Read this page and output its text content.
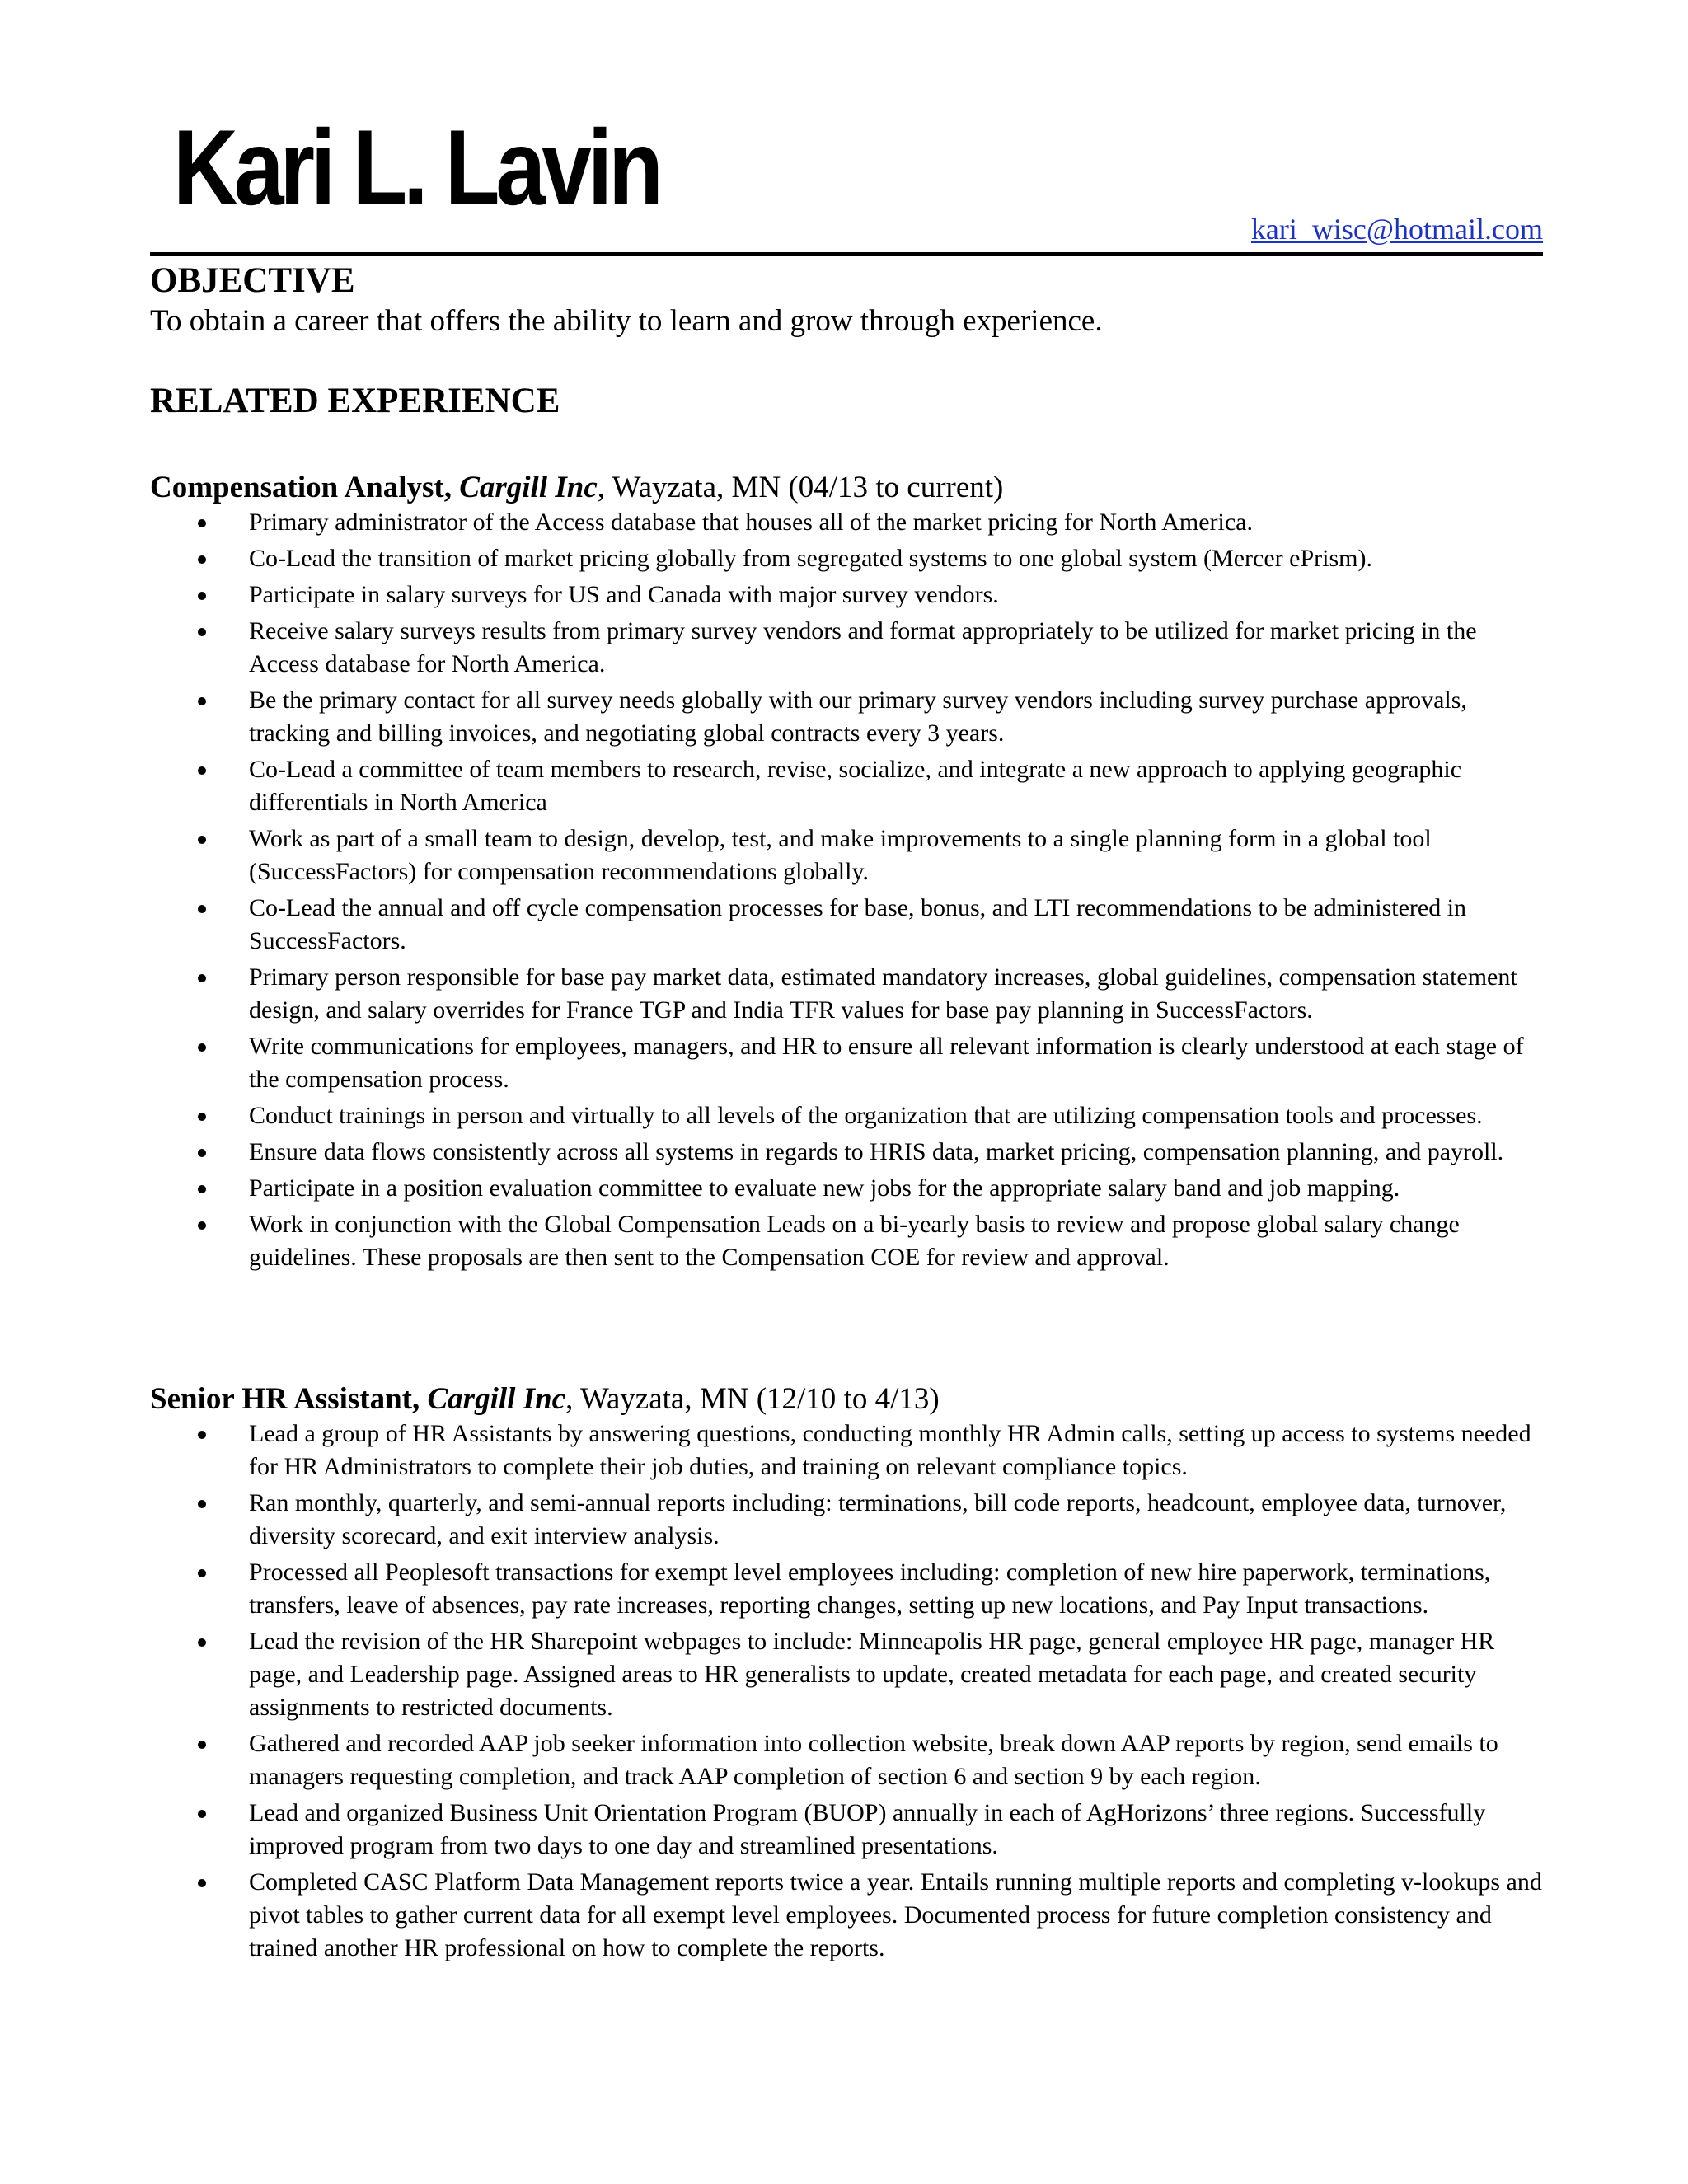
Kari L. Lavin
kari_wisc@hotmail.com
OBJECTIVE
To obtain a career that offers the ability to learn and grow through experience.
RELATED EXPERIENCE

Compensation Analyst, Cargill Inc, Wayzata, MN (04/13 to current)

Primary administrator of the Access database that houses all of the market pricing for North America.
Co-Lead the transition of market pricing globally from segregated systems to one global system (Mercer ePrism).
Participate in salary surveys for US and Canada with major survey vendors.
Receive salary surveys results from primary survey vendors and format appropriately to be utilized for market pricing in the Access database for North America.
Be the primary contact for all survey needs globally with our primary survey vendors including survey purchase approvals, tracking and billing invoices, and negotiating global contracts every 3 years.
Co-Lead a committee of team members to research, revise, socialize, and integrate a new approach to applying geographic differentials in North America
Work as part of a small team to design, develop, test, and make improvements to a single planning form in a global tool (SuccessFactors) for compensation recommendations globally.
Co-Lead the annual and off cycle compensation processes for base, bonus, and LTI recommendations to be administered in SuccessFactors.
Primary person responsible for base pay market data, estimated mandatory increases, global guidelines, compensation statement design, and salary overrides for France TGP and India TFR values for base pay planning in SuccessFactors.
Write communications for employees, managers, and HR to ensure all relevant information is clearly understood at each stage of the compensation process.
Conduct trainings in person and virtually to all levels of the organization that are utilizing compensation tools and processes.
Ensure data flows consistently across all systems in regards to HRIS data, market pricing, compensation planning, and payroll.
Participate in a position evaluation committee to evaluate new jobs for the appropriate salary band and job mapping.
Work in conjunction with the Global Compensation Leads on a bi-yearly basis to review and propose global salary change guidelines. These proposals are then sent to the Compensation COE for review and approval.

Senior HR Assistant, Cargill Inc, Wayzata, MN (12/10 to 4/13)

Lead a group of HR Assistants by answering questions, conducting monthly HR Admin calls, setting up access to systems needed for HR Administrators to complete their job duties, and training on relevant compliance topics.
Ran monthly, quarterly, and semi-annual reports including: terminations, bill code reports, headcount, employee data, turnover, diversity scorecard, and exit interview analysis.
Processed all Peoplesoft transactions for exempt level employees including: completion of new hire paperwork, terminations, transfers, leave of absences, pay rate increases, reporting changes, setting up new locations, and Pay Input transactions.
Lead the revision of the HR Sharepoint webpages to include: Minneapolis HR page, general employee HR page, manager HR page, and Leadership page. Assigned areas to HR generalists to update, created metadata for each page, and created security assignments to restricted documents.
Gathered and recorded AAP job seeker information into collection website, break down AAP reports by region, send emails to managers requesting completion, and track AAP completion of section 6 and section 9 by each region.
Lead and organized Business Unit Orientation Program (BUOP) annually in each of AgHorizons’ three regions. Successfully improved program from two days to one day and streamlined presentations.
Completed CASC Platform Data Management reports twice a year. Entails running multiple reports and completing v-lookups and pivot tables to gather current data for all exempt level employees. Documented process for future completion consistency and trained another HR professional on how to complete the reports.
